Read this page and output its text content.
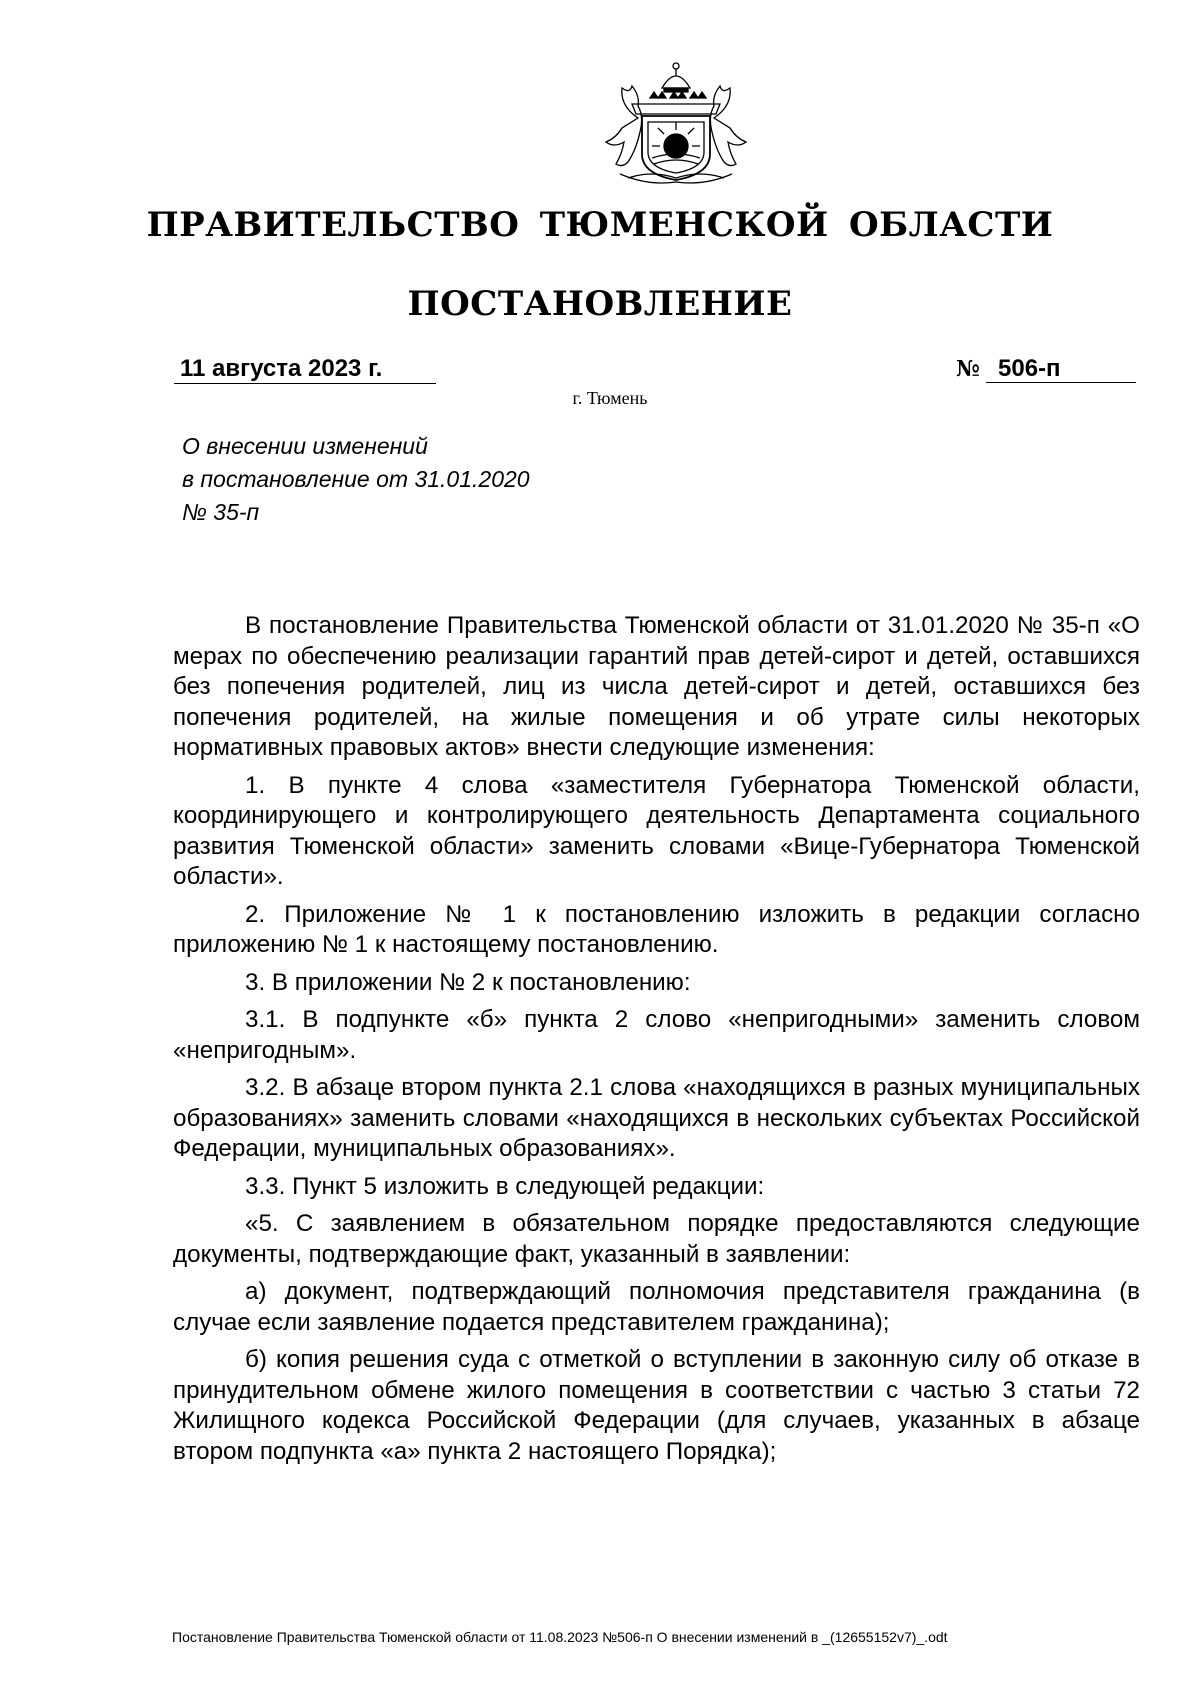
ПРАВИТЕЛЬСТВО ТЮМЕНСКОЙ ОБЛАСТИ
ПОСТАНОВЛЕНИЕ
11 августа 2023 г.	№ 506-п
г. Тюмень
О внесении изменений
в постановление от 31.01.2020
№ 35-п

В постановление Правительства Тюменской области от 31.01.2020 № 35-п «О мерах по обеспечению реализации гарантий прав детей-сирот и детей, оставшихся без попечения родителей, лиц из числа детей-сирот и детей, оставшихся без попечения родителей, на жилые помещения и об утрате силы некоторых нормативных правовых актов» внести следующие изменения:

1. В пункте 4 слова «заместителя Губернатора Тюменской области, координирующего и контролирующего деятельность Департамента социального развития Тюменской области» заменить словами «Вице-Губернатора Тюменской области».

2. Приложение № 1 к постановлению изложить в редакции согласно приложению № 1 к настоящему постановлению.

3. В приложении № 2 к постановлению:

3.1. В подпункте «б» пункта 2 слово «непригодными» заменить словом «непригодным».

3.2. В абзаце втором пункта 2.1 слова «находящихся в разных муниципальных образованиях» заменить словами «находящихся в нескольких субъектах Российской Федерации, муниципальных образованиях».

3.3. Пункт 5 изложить в следующей редакции:

«5. С заявлением в обязательном порядке предоставляются следующие документы, подтверждающие факт, указанный в заявлении:

а) документ, подтверждающий полномочия представителя гражданина (в случае если заявление подается представителем гражданина);

б) копия решения суда с отметкой о вступлении в законную силу об отказе в принудительном обмене жилого помещения в соответствии с частью 3 статьи 72 Жилищного кодекса Российской Федерации (для случаев, указанных в абзаце втором подпункта «а» пункта 2 настоящего Порядка);

Постановление Правительства Тюменской области от 11.08.2023 №506-п О внесении изменений в _(12655152v7)_.odt
